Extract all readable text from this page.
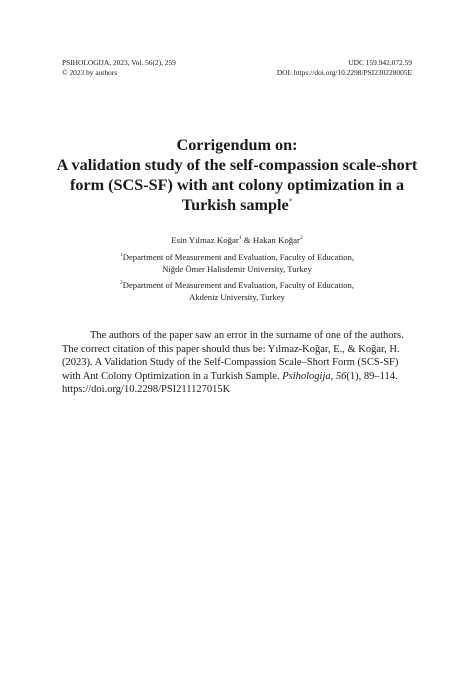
PSIHOLOGIJA, 2023, Vol. 56(2), 259	UDC 159.942.072.59
© 2023 by authors	DOI: https://doi.org/10.2298/PSI230228005E
Corrigendum on:
A validation study of the self-compassion scale-short
form (SCS-SF) with ant colony optimization in a
Turkish sample*
Esin Yılmaz Koğar$^1$ & Hakan Koğar$^2$
$^1$Department of Measurement and Evaluation, Faculty of Education,
Niğde Ömer Halisdemir University, Turkey
$^2$Department of Measurement and Evaluation, Faculty of Education,
Akdeniz University, Turkey
The authors of the paper saw an error in the surname of one of the authors.
The correct citation of this paper should thus be: Yılmaz-Koğar, E., & Koğar, H.
(2023). A Validation Study of the Self-Compassion Scale–Short Form (SCS-SF)
with Ant Colony Optimization in a Turkish Sample. Psihologija, 56(1), 89–114.
https://doi.org/10.2298/PSI211127015K
